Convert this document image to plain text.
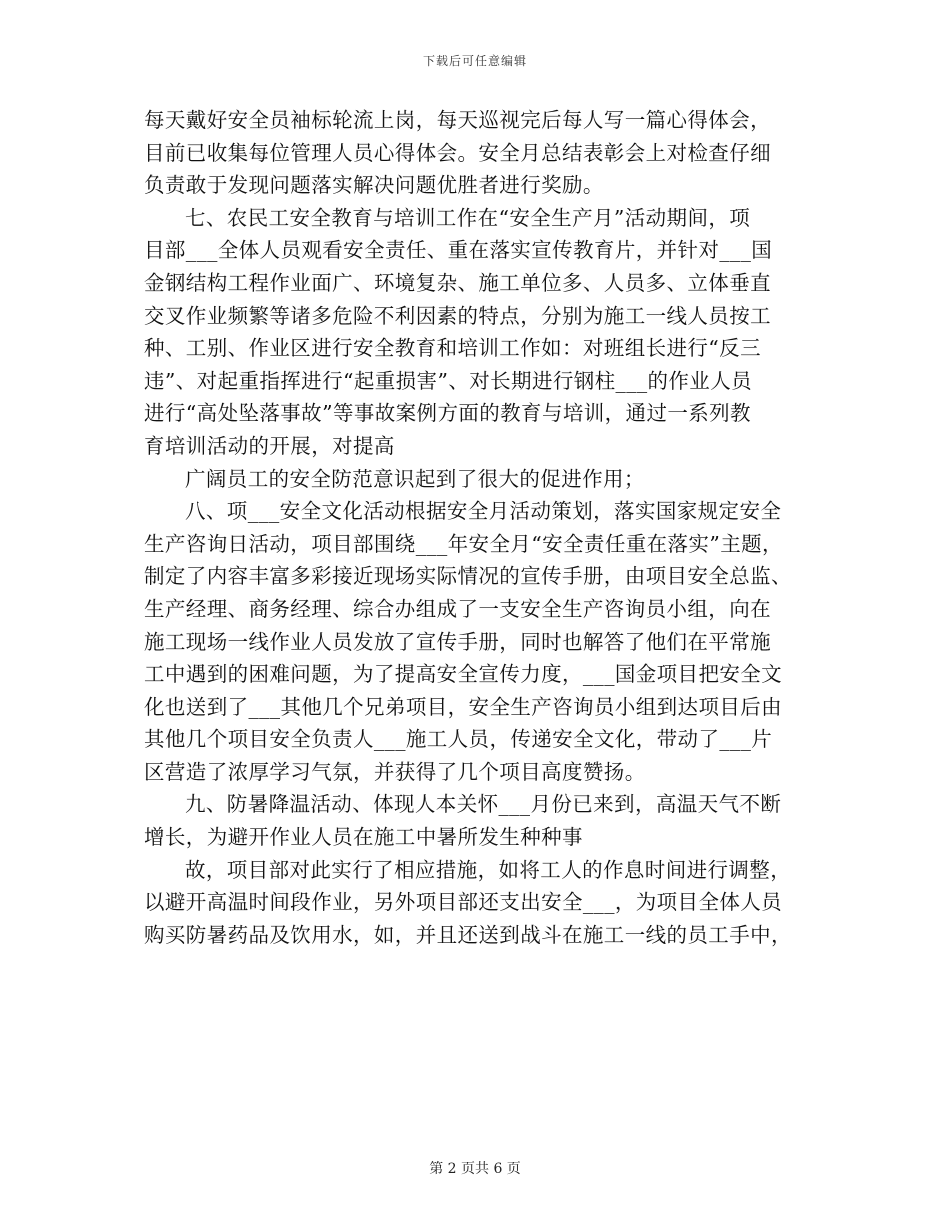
下载后可任意编辑
每天戴好安全员袖标轮流上岗，每天巡视完后每人写一篇心得体会，
目前已收集每位管理人员心得体会。安全月总结表彰会上对检查仔细
负责敢于发现问题落实解决问题优胜者进行奖励。
七、农民工安全教育与培训工作在“安全生产月”活动期间，项
目部___全体人员观看安全责任、重在落实宣传教育片，并针对___国
金钢结构工程作业面广、环境复杂、施工单位多、人员多、立体垂直
交叉作业频繁等诸多危险不利因素的特点，分别为施工一线人员按工
种、工别、作业区进行安全教育和培训工作如：对班组长进行“反三
违”、对起重指挥进行“起重损害”、对长期进行钢柱___的作业人员
进行“高处坠落事故”等事故案例方面的教育与培训，通过一系列教
育培训活动的开展，对提高
广阔员工的安全防范意识起到了很大的促进作用；
八、项___安全文化活动根据安全月活动策划，落实国家规定安全
生产咨询日活动，项目部围绕___年安全月“安全责任重在落实”主题，
制定了内容丰富多彩接近现场实际情况的宣传手册，由项目安全总监、
生产经理、商务经理、综合办组成了一支安全生产咨询员小组，向在
施工现场一线作业人员发放了宣传手册，同时也解答了他们在平常施
工中遇到的困难问题，为了提高安全宣传力度，___国金项目把安全文
化也送到了___其他几个兄弟项目，安全生产咨询员小组到达项目后由
其他几个项目安全负责人___施工人员，传递安全文化，带动了___片
区营造了浓厚学习气氛，并获得了几个项目高度赞扬。
九、防暑降温活动、体现人本关怀___月份已来到，高温天气不断
增长，为避开作业人员在施工中暑所发生种种事
故，项目部对此实行了相应措施，如将工人的作息时间进行调整，
以避开高温时间段作业，另外项目部还支出安全___，为项目全体人员
购买防暑药品及饮用水，如，并且还送到战斗在施工一线的员工手中，
第 2 页共 6 页
